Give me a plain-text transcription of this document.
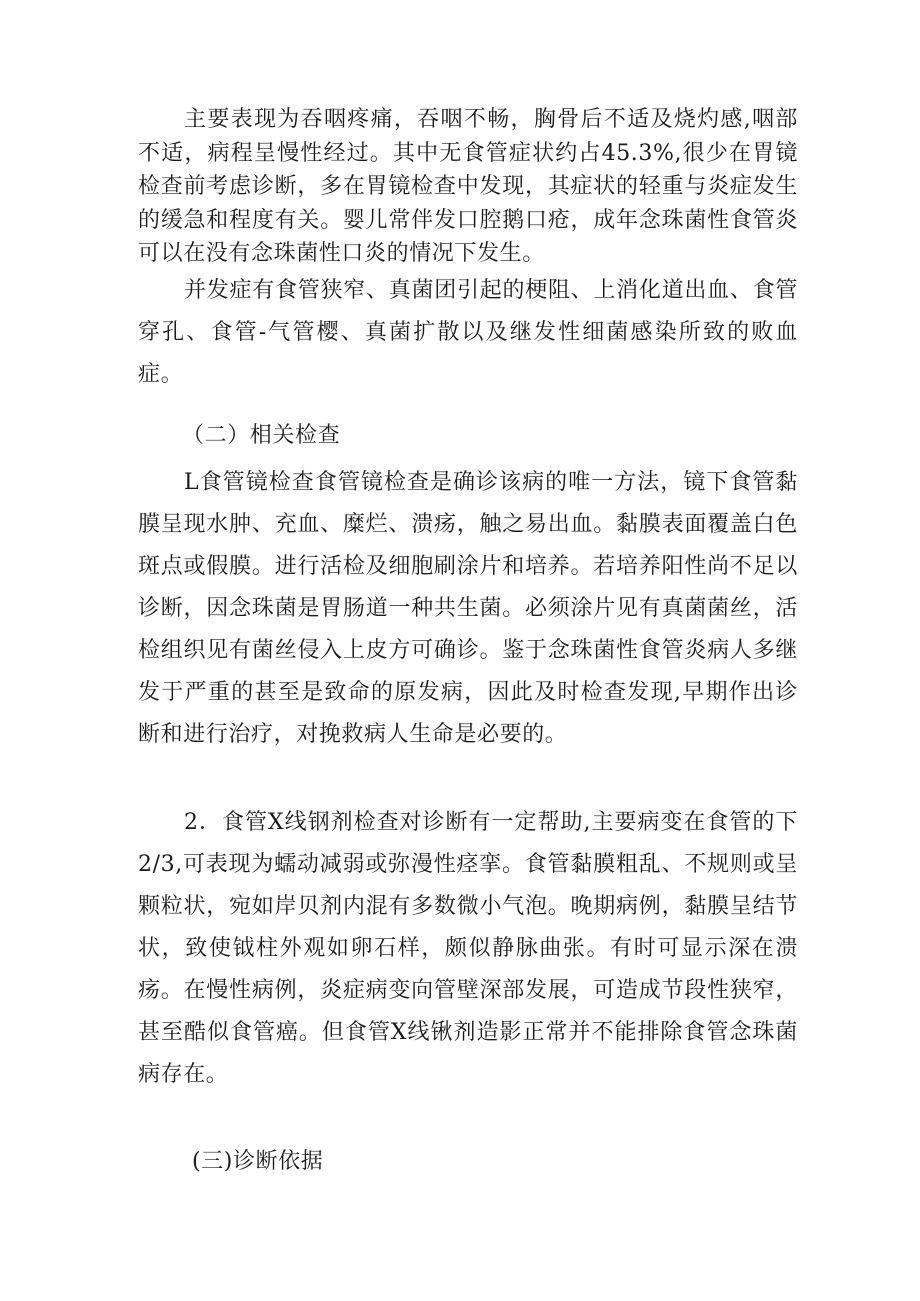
主要表现为吞咽疼痛，吞咽不畅，胸骨后不适及烧灼感,咽部不适，病程呈慢性经过。其中无食管症状约占45.3%,很少在胃镜检查前考虑诊断，多在胃镜检查中发现，其症状的轻重与炎症发生的缓急和程度有关。婴儿常伴发口腔鹅口疮，成年念珠菌性食管炎可以在没有念珠菌性口炎的情况下发生。

并发症有食管狭窄、真菌团引起的梗阻、上消化道出血、食管穿孔、食管-气管樱、真菌扩散以及继发性细菌感染所致的败血症。

（二）相关检查

L食管镜检查食管镜检查是确诊该病的唯一方法，镜下食管黏膜呈现水肿、充血、糜烂、溃疡，触之易出血。黏膜表面覆盖白色斑点或假膜。进行活检及细胞刷涂片和培养。若培养阳性尚不足以诊断，因念珠菌是胃肠道一种共生菌。必须涂片见有真菌菌丝，活检组织见有菌丝侵入上皮方可确诊。鉴于念珠菌性食管炎病人多继发于严重的甚至是致命的原发病，因此及时检查发现,早期作出诊断和进行治疗，对挽救病人生命是必要的。

2．食管X线钢剂检查对诊断有一定帮助,主要病变在食管的下2/3,可表现为蠕动减弱或弥漫性痉挛。食管黏膜粗乱、不规则或呈颗粒状，宛如岸贝剂内混有多数微小气泡。晚期病例，黏膜呈结节状，致使钺柱外观如卵石样，颇似静脉曲张。有时可显示深在溃疡。在慢性病例，炎症病变向管壁深部发展，可造成节段性狭窄，甚至酷似食管癌。但食管X线锹剂造影正常并不能排除食管念珠菌病存在。

(三)诊断依据
